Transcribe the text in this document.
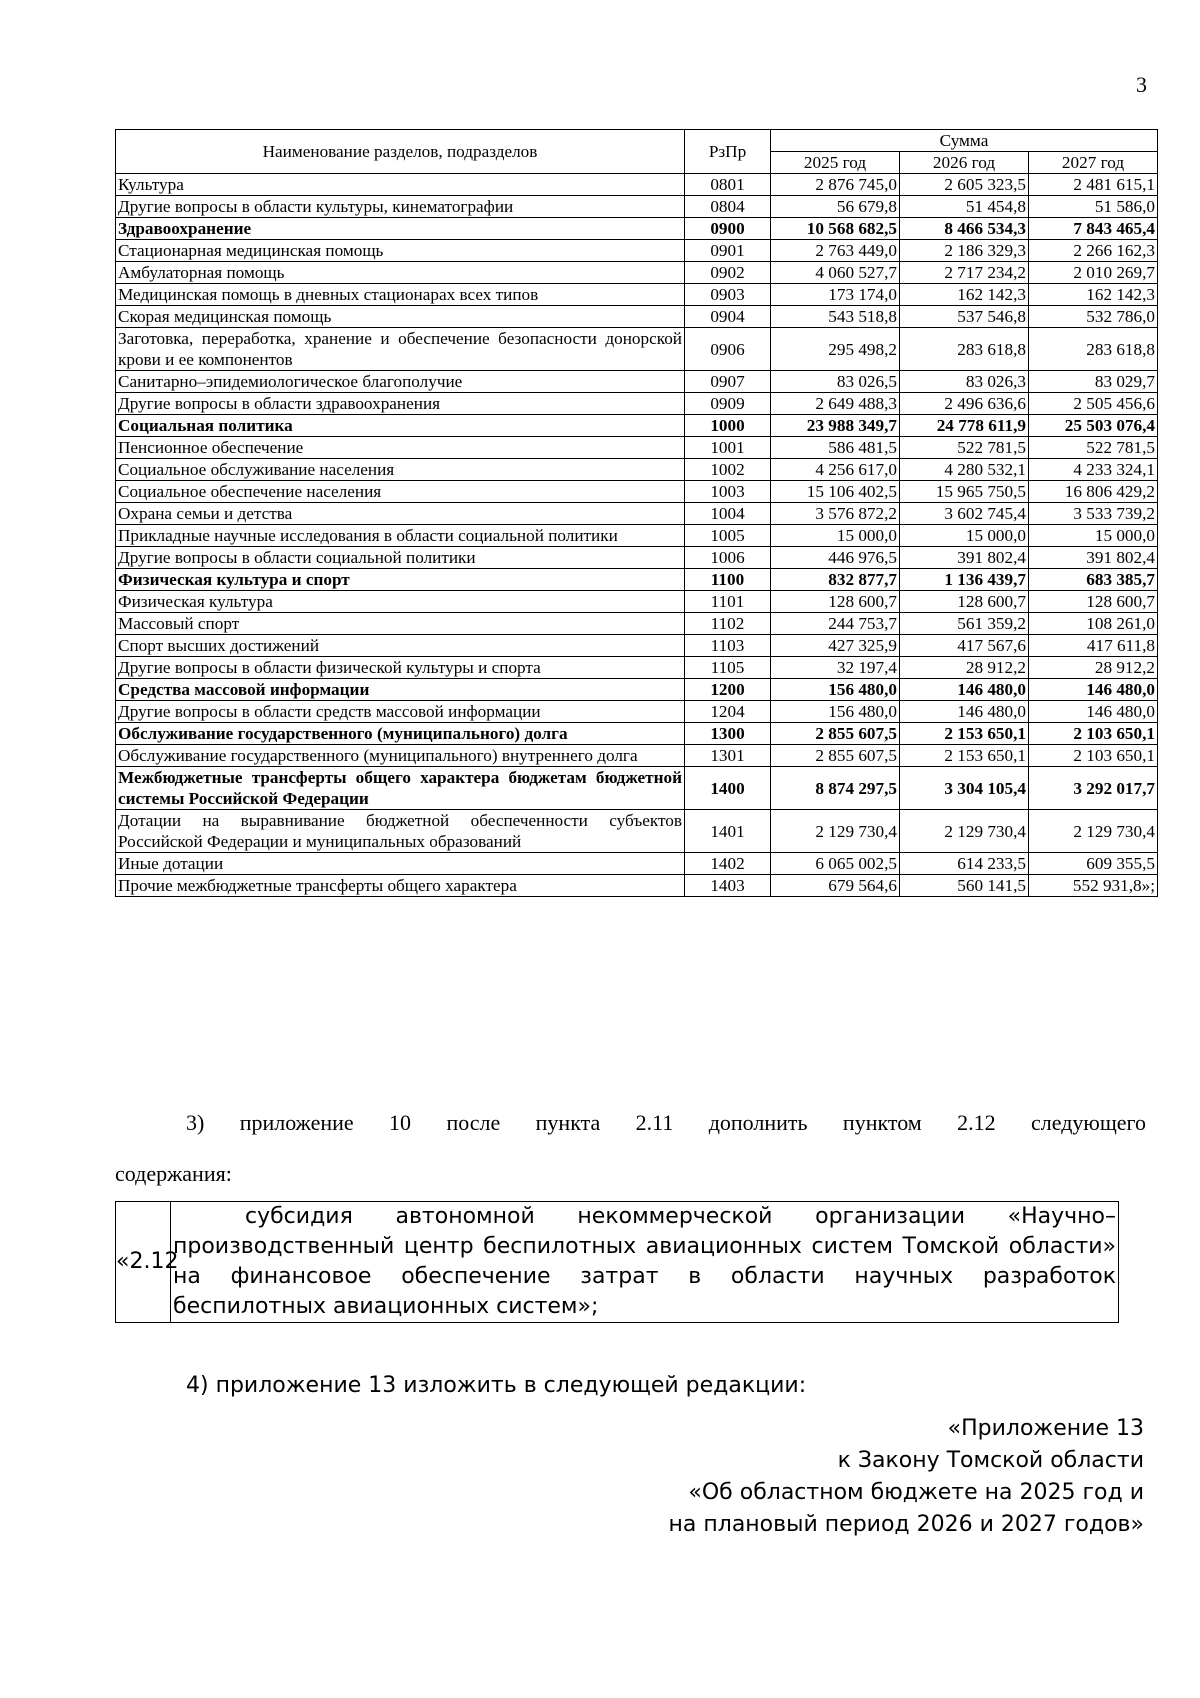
3
Наименование разделов, подразделов	РзПр	Сумма		
		2025 год	2026 год	2027 год
Культура	0801	2 876 745,0	2 605 323,5	2 481 615,1
Другие вопросы в области культуры, кинематографии	0804	56 679,8	51 454,8	51 586,0
Здравоохранение	0900	10 568 682,5	8 466 534,3	7 843 465,4
Стационарная медицинская помощь	0901	2 763 449,0	2 186 329,3	2 266 162,3
Амбулаторная помощь	0902	4 060 527,7	2 717 234,2	2 010 269,7
Медицинская помощь в дневных стационарах всех типов	0903	173 174,0	162 142,3	162 142,3
Скорая медицинская помощь	0904	543 518,8	537 546,8	532 786,0
Заготовка, переработка, хранение и обеспечение безопасности донорской крови и ее компонентов	0906	295 498,2	283 618,8	283 618,8
Санитарно–эпидемиологическое благополучие	0907	83 026,5	83 026,3	83 029,7
Другие вопросы в области здравоохранения	0909	2 649 488,3	2 496 636,6	2 505 456,6
Социальная политика	1000	23 988 349,7	24 778 611,9	25 503 076,4
Пенсионное обеспечение	1001	586 481,5	522 781,5	522 781,5
Социальное обслуживание населения	1002	4 256 617,0	4 280 532,1	4 233 324,1
Социальное обеспечение населения	1003	15 106 402,5	15 965 750,5	16 806 429,2
Охрана семьи и детства	1004	3 576 872,2	3 602 745,4	3 533 739,2
Прикладные научные исследования в области социальной политики	1005	15 000,0	15 000,0	15 000,0
Другие вопросы в области социальной политики	1006	446 976,5	391 802,4	391 802,4
Физическая культура и спорт	1100	832 877,7	1 136 439,7	683 385,7
Физическая культура	1101	128 600,7	128 600,7	128 600,7
Массовый спорт	1102	244 753,7	561 359,2	108 261,0
Спорт высших достижений	1103	427 325,9	417 567,6	417 611,8
Другие вопросы в области физической культуры и спорта	1105	32 197,4	28 912,2	28 912,2
Средства массовой информации	1200	156 480,0	146 480,0	146 480,0
Другие вопросы в области средств массовой информации	1204	156 480,0	146 480,0	146 480,0
Обслуживание государственного (муниципального) долга	1300	2 855 607,5	2 153 650,1	2 103 650,1
Обслуживание государственного (муниципального) внутреннего долга	1301	2 855 607,5	2 153 650,1	2 103 650,1
Межбюджетные трансферты общего характера бюджетам бюджетной системы Российской Федерации	1400	8 874 297,5	3 304 105,4	3 292 017,7
Дотации на выравнивание бюджетной обеспеченности субъектов Российской Федерации и муниципальных образований	1401	2 129 730,4	2 129 730,4	2 129 730,4
Иные дотации	1402	6 065 002,5	614 233,5	609 355,5
Прочие межбюджетные трансферты общего характера	1403	679 564,6	560 141,5	552 931,8»;
3) приложение 10 после пункта 2.11 дополнить пунктом 2.12 следующего
содержания:
«2.12	субсидия автономной некоммерческой организации «Научно–производственный центр беспилотных авиационных систем Томской области» на финансовое обеспечение затрат в области научных разработок беспилотных авиационных систем»;
4) приложение 13 изложить в следующей редакции:
«Приложение 13
к Закону Томской области
«Об областном бюджете на 2025 год и
на плановый период 2026 и 2027 годов»
